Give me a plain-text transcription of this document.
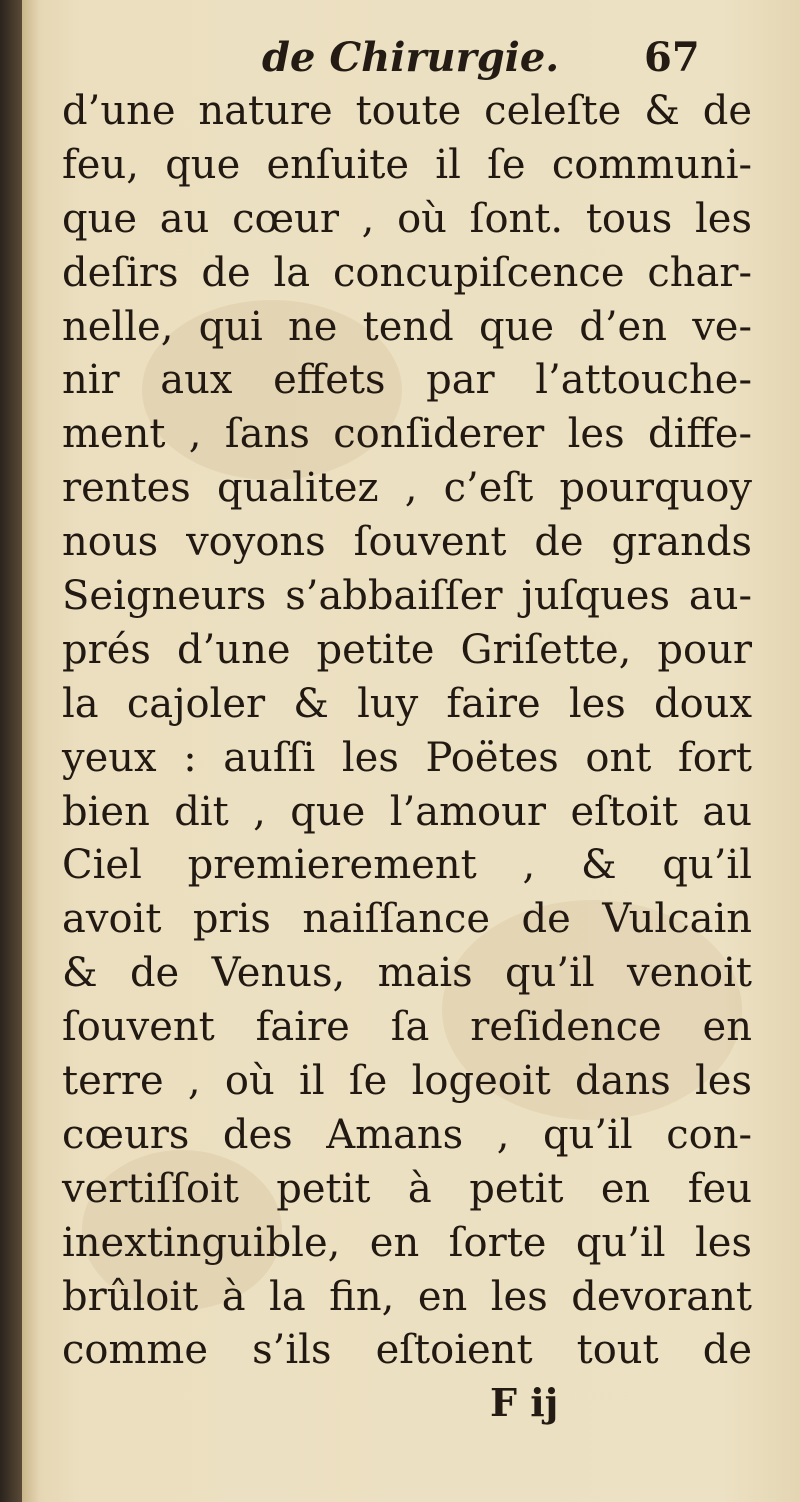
de Chirurgie. 67
d’une nature toute celeſte & de
feu, que enſuite il ſe communi-
que au cœur , où ſont. tous les
deſirs de la concupiſcence char-
nelle, qui ne tend que d’en ve-
nir aux effets par l’attouche-
ment , ſans conſiderer les diffe-
rentes qualitez , c’eſt pourquoy
nous voyons ſouvent de grands
Seigneurs s’abbaiſſer juſques au-
prés d’une petite Griſette, pour
la cajoler & luy faire les doux
yeux : auſſi les Poëtes ont fort
bien dit , que l’amour eſtoit au
Ciel premierement , & qu’il
avoit pris naiſſance de Vulcain
& de Venus, mais qu’il venoit
ſouvent faire ſa reſidence en
terre , où il ſe logeoit dans les
cœurs des Amans , qu’il con-
vertiſſoit petit à petit en feu
inextinguible, en ſorte qu’il les
brûloit à la fin, en les devorant
comme s’ils eſtoient tout de
F ij
